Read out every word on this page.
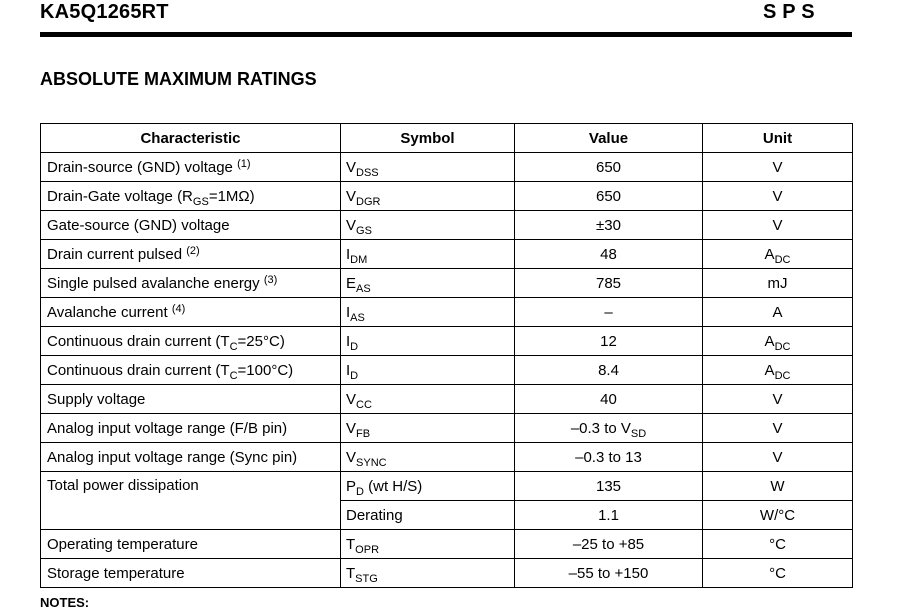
KA5Q1265RT	S P S
ABSOLUTE MAXIMUM RATINGS
Characteristic	Symbol	Value	Unit
Drain-source (GND) voltage $^{(1)}$	$V_{DSS}$	650	V
Drain-Gate voltage $(R_{GS}=1M\Omega)$	$V_{DGR}$	650	V
Gate-source (GND) voltage	$V_{GS}$	±30	V
Drain current pulsed $^{(2)}$	$I_{DM}$	48	$A_{DC}$
Single pulsed avalanche energy $^{(3)}$	$E_{AS}$	785	mJ
Avalanche current $^{(4)}$	$I_{AS}$	–	A
Continuous drain current $(T_C=25^\circ C)$	$I_D$	12	$A_{DC}$
Continuous drain current $(T_C=100^\circ C)$	$I_D$	8.4	$A_{DC}$
Supply voltage	$V_{CC}$	40	V
Analog input voltage range (F/B pin)	$V_{FB}$	–0.3 to $V_{SD}$	V
Analog input voltage range (Sync pin)	$V_{SYNC}$	–0.3 to 13	V
Total power dissipation	$P_D$ (wt H/S)	135	W
	Derating	1.1	W/°C
Operating temperature	$T_{OPR}$	–25 to +85	°C
Storage temperature	$T_{STG}$	–55 to +150	°C
NOTES:
